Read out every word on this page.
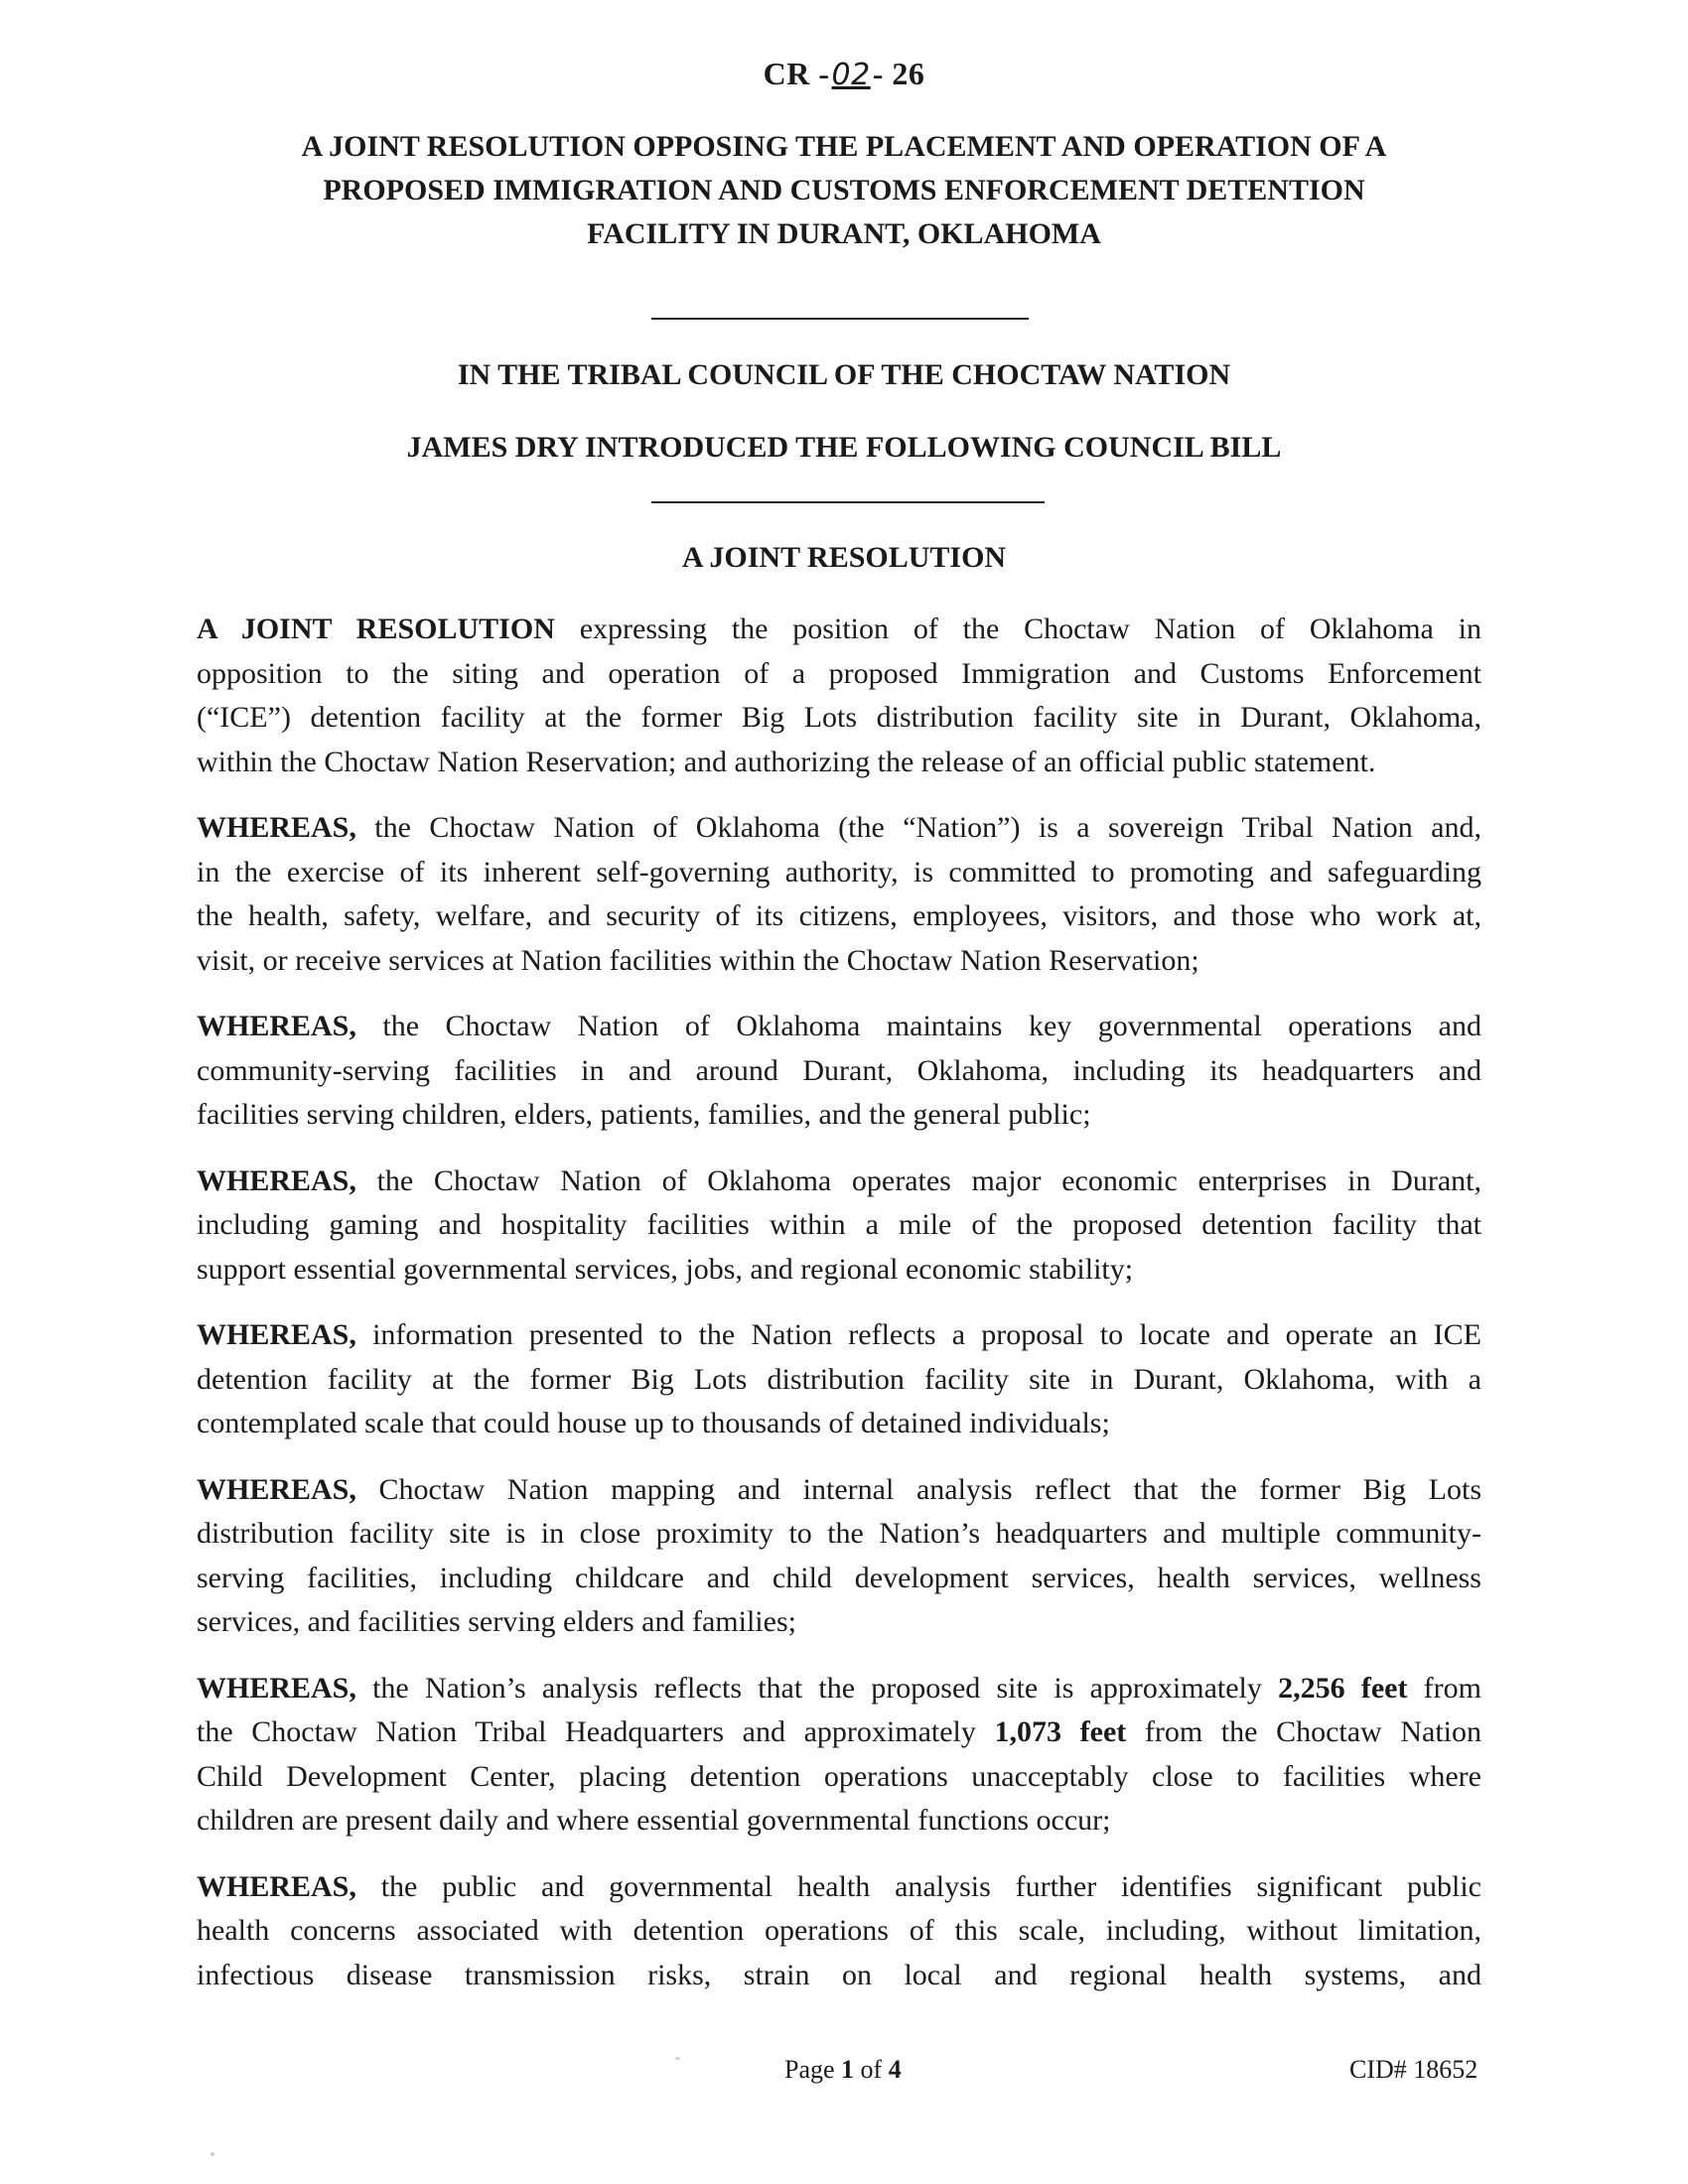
CR -02- 26
A JOINT RESOLUTION OPPOSING THE PLACEMENT AND OPERATION OF A
PROPOSED IMMIGRATION AND CUSTOMS ENFORCEMENT DETENTION
FACILITY IN DURANT, OKLAHOMA
IN THE TRIBAL COUNCIL OF THE CHOCTAW NATION
JAMES DRY INTRODUCED THE FOLLOWING COUNCIL BILL
A JOINT RESOLUTION
A JOINT RESOLUTION expressing the position of the Choctaw Nation of Oklahoma in
opposition to the siting and operation of a proposed Immigration and Customs Enforcement
(“ICE”) detention facility at the former Big Lots distribution facility site in Durant, Oklahoma,
within the Choctaw Nation Reservation; and authorizing the release of an official public statement.
WHEREAS, the Choctaw Nation of Oklahoma (the “Nation”) is a sovereign Tribal Nation and,
in the exercise of its inherent self-governing authority, is committed to promoting and safeguarding
the health, safety, welfare, and security of its citizens, employees, visitors, and those who work at,
visit, or receive services at Nation facilities within the Choctaw Nation Reservation;
WHEREAS, the Choctaw Nation of Oklahoma maintains key governmental operations and
community-serving facilities in and around Durant, Oklahoma, including its headquarters and
facilities serving children, elders, patients, families, and the general public;
WHEREAS, the Choctaw Nation of Oklahoma operates major economic enterprises in Durant,
including gaming and hospitality facilities within a mile of the proposed detention facility that
support essential governmental services, jobs, and regional economic stability;
WHEREAS, information presented to the Nation reflects a proposal to locate and operate an ICE
detention facility at the former Big Lots distribution facility site in Durant, Oklahoma, with a
contemplated scale that could house up to thousands of detained individuals;
WHEREAS, Choctaw Nation mapping and internal analysis reflect that the former Big Lots
distribution facility site is in close proximity to the Nation’s headquarters and multiple community-
serving facilities, including childcare and child development services, health services, wellness
services, and facilities serving elders and families;
WHEREAS, the Nation’s analysis reflects that the proposed site is approximately 2,256 feet from
the Choctaw Nation Tribal Headquarters and approximately 1,073 feet from the Choctaw Nation
Child Development Center, placing detention operations unacceptably close to facilities where
children are present daily and where essential governmental functions occur;
WHEREAS, the public and governmental health analysis further identifies significant public
health concerns associated with detention operations of this scale, including, without limitation,
infectious disease transmission risks, strain on local and regional health systems, and
Page 1 of 4	CID# 18652
